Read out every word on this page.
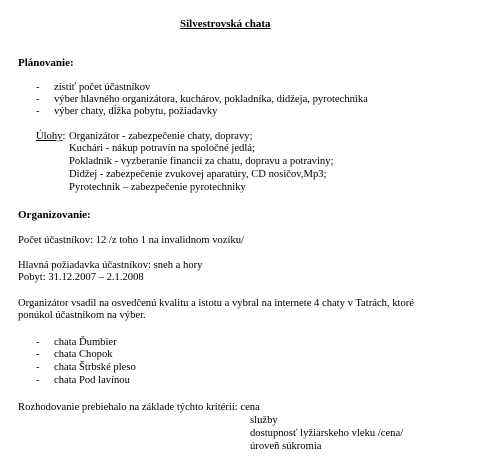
Silvestrovská chata
Plánovanie:
- zistiť počet účastníkov
- výber hlavného organizátora, kuchárov, pokladníka, didžeja, pyrotechnika
- výber chaty, dĺžka pobytu, požiadavky
Úlohy: Organizátor - zabezpečenie chaty, dopravy;
Kuchári - nákup potravín na spoločné jedlá;
Pokladník - vyzberanie financií za chatu, dopravu a potraviny;
Didžej - zabezpečenie zvukovej aparatúry, CD nosičov,Mp3;
Pyrotechnik – zabezpečenie pyrotechniky
Organizovanie:
Počet účastníkov: 12 /z toho 1 na invalidnom vozíku/
Hlavná požiadavka účastníkov: sneh a hory
Pobyt: 31.12.2007 – 2.1.2008
Organizátor vsadil na osvedčenú kvalitu a istotu a vybral na internete 4 chaty v Tatrách, ktoré
ponúkol účastníkom na výber.
- chata Ďumbier
- chata Chopok
- chata Štrbské pleso
- chata Pod lavínou
Rozhodovanie prebiehalo na základe týchto kritérií: cena
služby
dostupnosť lyžiarskeho vleku /cena/
úroveň súkromia
